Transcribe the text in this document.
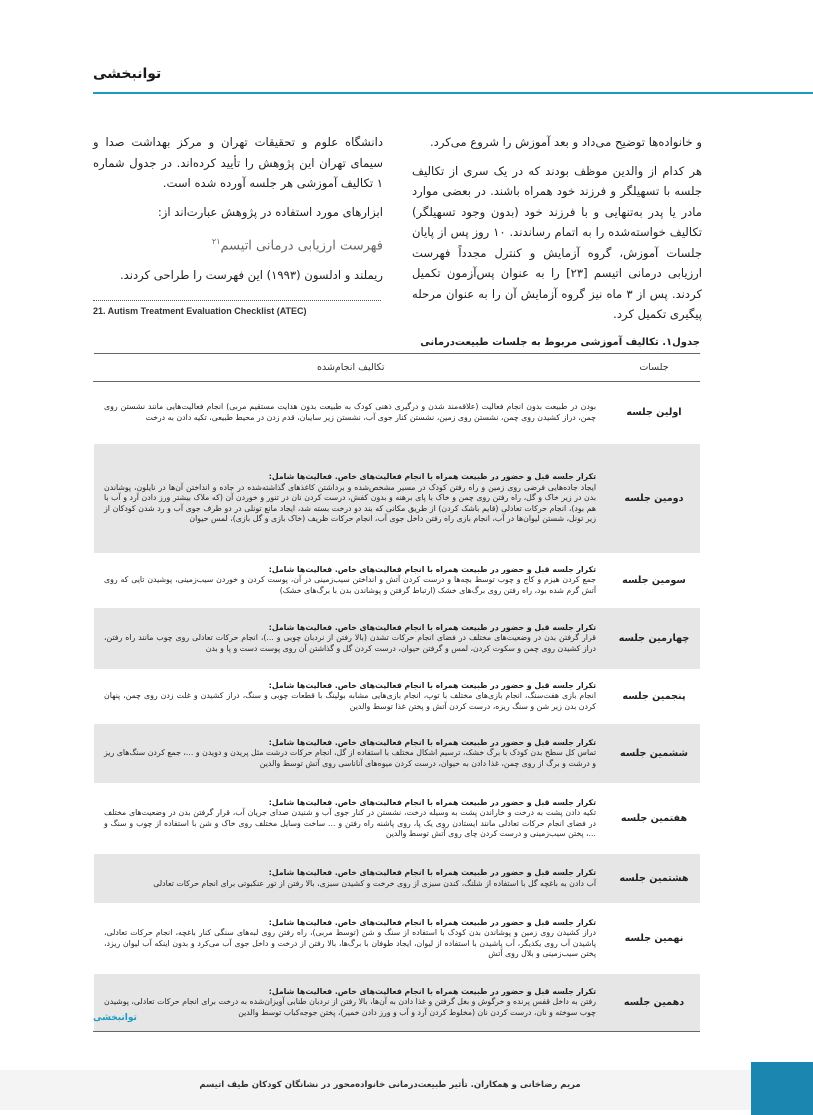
توانبخشی

و خانواده‌ها توضیح می‌داد و بعد آموزش را شروع می‌کرد.

هر کدام از والدین موظف بودند که در یک سری از تکالیف جلسه با تسهیلگر و فرزند خود همراه باشند. در بعضی موارد مادر یا پدر به‌تنهایی و با فرزند خود (بدون وجود تسهیلگر) تکالیف خواسته‌شده را به اتمام رساندند. ۱۰ روز پس از پایان جلسات آموزش، گروه آزمایش و کنترل مجدداً فهرست ارزیابی درمانی اتیسم [۲۳] را به عنوان پس‌آزمون تکمیل کردند. پس از ۳ ماه نیز گروه آزمایش آن را به عنوان مرحله پیگیری تکمیل کرد.

دانشگاه علوم و تحقیقات تهران و مرکز بهداشت صدا و سیمای تهران این پژوهش را تأیید کرده‌اند. در جدول شماره ۱ تکالیف آموزشی هر جلسه آورده شده است.

ابزارهای مورد استفاده در پژوهش عبارت‌اند از:

فهرست ارزیابی درمانی اتیسم$^{۲۱}$

ریملند و ادلسون (۱۹۹۳) این فهرست را طراحی کردند.

21. Autism Treatment Evaluation Checklist (ATEC)
جدول۱. تکالیف آموزشی مربوط به جلسات طبیعت‌درمانی
جلسات	تکالیف انجام‌شده
اولین جلسه	بودن در طبیعت بدون انجام فعالیت (علاقه‌مند شدن و درگیری ذهنی کودک به طبیعت بدون هدایت مستقیم مربی) انجام فعالیت‌هایی مانند نشستن روی چمن، دراز کشیدن روی چمن، نشستن روی زمین، نشستن کنار جوی آب، نشستن زیر سایبان، قدم زدن در محیط طبیعی، تکیه دادن به درخت
دومین جلسه	تکرار جلسه قبل و حضور در طبیعت همراه با انجام فعالیت‌های خاص. فعالیت‌ها شامل:
ایجاد جاده‌هایی فرضی روی زمین و راه رفتن کودک در مسیر مشخص‌شده و برداشتن کاغذهای گذاشته‌شده در جاده و انداختن آن‌ها در نایلون، پوشاندن بدن در زیر خاک و گل، راه رفتن روی چمن و خاک با پای برهنه و بدون کفش، درست کردن نان در تنور و خوردن آن (که ملاک بیشتر ورز دادن آرد و آب با هم بود)، انجام حرکات تعادلی (قایم باشک کردن) از طریق مکانی که بند دو درخت بسته شد، ایجاد مانع تونلی در دو طرف جوی آب و رد شدن کودکان از زیر تونل، شستن لیوان‌ها در آب، انجام بازی راه رفتن داخل جوی آب، انجام حرکات ظریف (خاک بازی و گل بازی)، لمس حیوان
سومین جلسه	تکرار جلسه قبل و حضور در طبیعت همراه با انجام فعالیت‌های خاص. فعالیت‌ها شامل:
جمع کردن هیزم و کاج و چوب توسط بچه‌ها و درست کردن آتش و انداختن سیب‌زمینی در آن، پوست کردن و خوردن سیب‌زمینی، پوشیدن تایی که روی آتش گرم شده بود، راه رفتن روی برگ‌های خشک (ارتباط گرفتن و پوشاندن بدن با برگ‌های خشک)
چهارمین جلسه	تکرار جلسه قبل و حضور در طبیعت همراه با انجام فعالیت‌های خاص. فعالیت‌ها شامل:
قرار گرفتن بدن در وضعیت‌های مختلف در فضای انجام حرکات تشدن (بالا رفتن از نردبان چوبی و ...)، انجام حرکات تعادلی روی چوب مانند راه رفتن، دراز کشیدن روی چمن و سکوت کردن، لمس و گرفتن حیوان، درست کردن گل و گذاشتن آن روی پوست دست و پا و بدن
پنجمین جلسه	تکرار جلسه قبل و حضور در طبیعت همراه با انجام فعالیت‌های خاص. فعالیت‌ها شامل:
انجام بازی هفت‌سنگ، انجام بازی‌های مختلف با توپ، انجام بازی‌هایی مشابه بولینگ با قطعات چوبی و سنگ، دراز کشیدن و غلت زدن روی چمن، پنهان کردن بدن زیر شن و سنگ ریزه، درست کردن آتش و پختن غذا توسط والدین
ششمین جلسه	تکرار جلسه قبل و حضور در طبیعت همراه با انجام فعالیت‌های خاص. فعالیت‌ها شامل:
تماس کل سطح بدن کودک با برگ خشک، ترسیم اشکال مختلف با استفاده از گل، انجام حرکات درشت مثل پریدن و دویدن و ...، جمع کردن سنگ‌های ریز و درشت و برگ از روی چمن، غذا دادن به حیوان، درست کردن میوه‌های آناناسی روی آتش توسط والدین
هفتمین جلسه	تکرار جلسه قبل و حضور در طبیعت همراه با انجام فعالیت‌های خاص. فعالیت‌ها شامل:
تکیه دادن پشت به درخت و خاراندن پشت به وسیله درخت، نشستن در کنار جوی آب و شنیدن صدای جریان آب، قرار گرفتن بدن در وضعیت‌های مختلف در فضای انجام حرکات تعادلی مانند ایستادن روی یک پا، روی پاشنه راه رفتن و ... ساخت وسایل مختلف روی خاک و شن با استفاده از چوب و سنگ و ...، پختن سیب‌زمینی و درست کردن چای روی آتش توسط والدین
هشتمین جلسه	تکرار جلسه قبل و حضور در طبیعت همراه با انجام فعالیت‌های خاص. فعالیت‌ها شامل:
آب دادن به باغچه گل با استفاده از شلنگ، کندن سبزی از روی خرخت و کشیدن سبزی، بالا رفتن از تور عنکبوتی برای انجام حرکات تعادلی
نهمین جلسه	تکرار جلسه قبل و حضور در طبیعت همراه با انجام فعالیت‌های خاص. فعالیت‌ها شامل:
دراز کشیدن روی زمین و پوشاندن بدن کودک با استفاده از سنگ و شن (توسط مربی)، راه رفتن روی لبه‌های سنگی کنار باغچه، انجام حرکات تعادلی، پاشیدن آب روی یکدیگر، آب پاشیدن با استفاده از لیوان، ایجاد طوفان با برگ‌ها، بالا رفتن از درخت و داخل جوی آب می‌کرد و بدون اینکه آب لیوان ریزد، پختن سیب‌زمینی و بلال روی آتش
دهمین جلسه	تکرار جلسه قبل و حضور در طبیعت همراه با انجام فعالیت‌های خاص. فعالیت‌ها شامل:
رفتن به داخل قفس پرنده و خرگوش و بغل گرفتن و غذا دادن به آن‌ها، بالا رفتن از نردبان طنابی آویزان‌شده به درخت برای انجام حرکات تعادلی، پوشیدن چوب سوخته و نان، درست کردن نان (مخلوط کردن آرد و آب و ورز دادن خمیر)، پختن جوجه‌کباب توسط والدین
توانبخشی
مریم رضاخانی و همکاران. تأثیر طبیعت‌درمانی خانواده‌محور در نشانگان کودکان طیف اتیسم
